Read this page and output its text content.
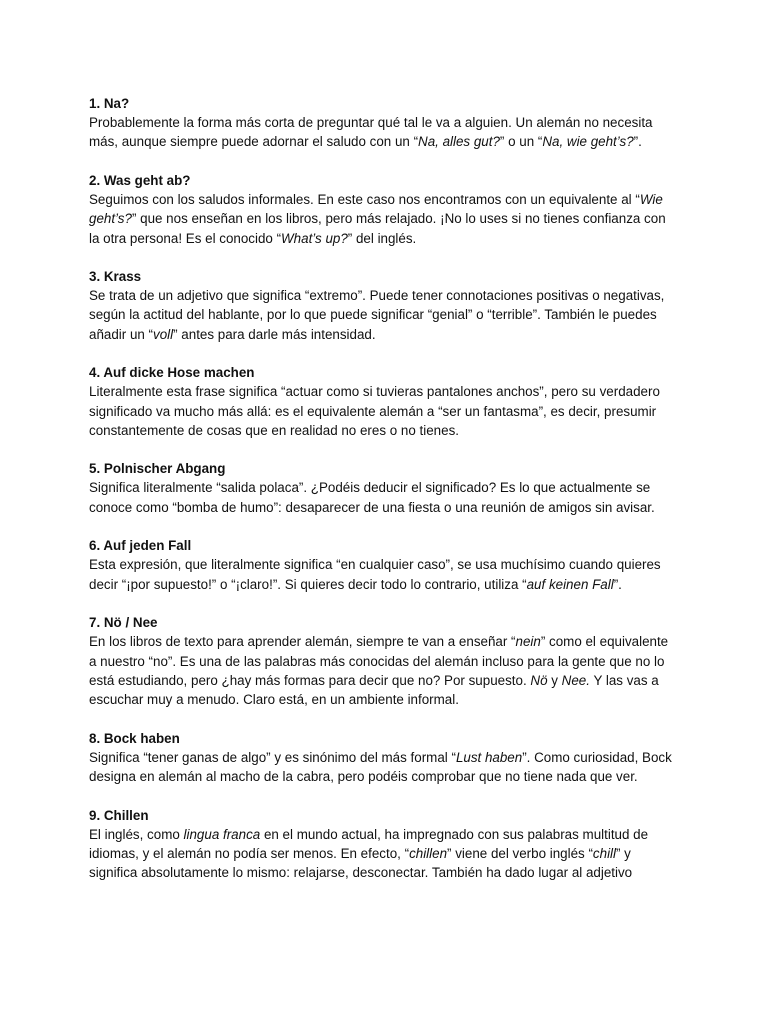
1. Na?

Probablemente la forma más corta de preguntar qué tal le va a alguien. Un alemán no necesita más, aunque siempre puede adornar el saludo con un “Na, alles gut?” o un “Na, wie geht’s?”.

2. Was geht ab?

Seguimos con los saludos informales. En este caso nos encontramos con un equivalente al “Wie geht’s?” que nos enseñan en los libros, pero más relajado. ¡No lo uses si no tienes confianza con la otra persona! Es el conocido “What’s up?” del inglés.

3. Krass

Se trata de un adjetivo que significa “extremo”. Puede tener connotaciones positivas o negativas, según la actitud del hablante, por lo que puede significar “genial” o “terrible”. También le puedes añadir un “voll” antes para darle más intensidad.

4. Auf dicke Hose machen

Literalmente esta frase significa “actuar como si tuvieras pantalones anchos”, pero su verdadero significado va mucho más allá: es el equivalente alemán a “ser un fantasma”, es decir, presumir constantemente de cosas que en realidad no eres o no tienes.

5. Polnischer Abgang

Significa literalmente “salida polaca”. ¿Podéis deducir el significado? Es lo que actualmente se conoce como “bomba de humo”: desaparecer de una fiesta o una reunión de amigos sin avisar.

6. Auf jeden Fall

Esta expresión, que literalmente significa “en cualquier caso”, se usa muchísimo cuando quieres decir “¡por supuesto!” o “¡claro!”. Si quieres decir todo lo contrario, utiliza “auf keinen Fall”.

7. Nö / Nee

En los libros de texto para aprender alemán, siempre te van a enseñar “nein” como el equivalente a nuestro “no”. Es una de las palabras más conocidas del alemán incluso para la gente que no lo está estudiando, pero ¿hay más formas para decir que no? Por supuesto. Nö y Nee. Y las vas a escuchar muy a menudo. Claro está, en un ambiente informal.

8. Bock haben

Significa “tener ganas de algo” y es sinónimo del más formal “Lust haben”. Como curiosidad, Bock designa en alemán al macho de la cabra, pero podéis comprobar que no tiene nada que ver.

9. Chillen

El inglés, como lingua franca en el mundo actual, ha impregnado con sus palabras multitud de idiomas, y el alemán no podía ser menos. En efecto, “chillen” viene del verbo inglés “chill” y significa absolutamente lo mismo: relajarse, desconectar. También ha dado lugar al adjetivo
